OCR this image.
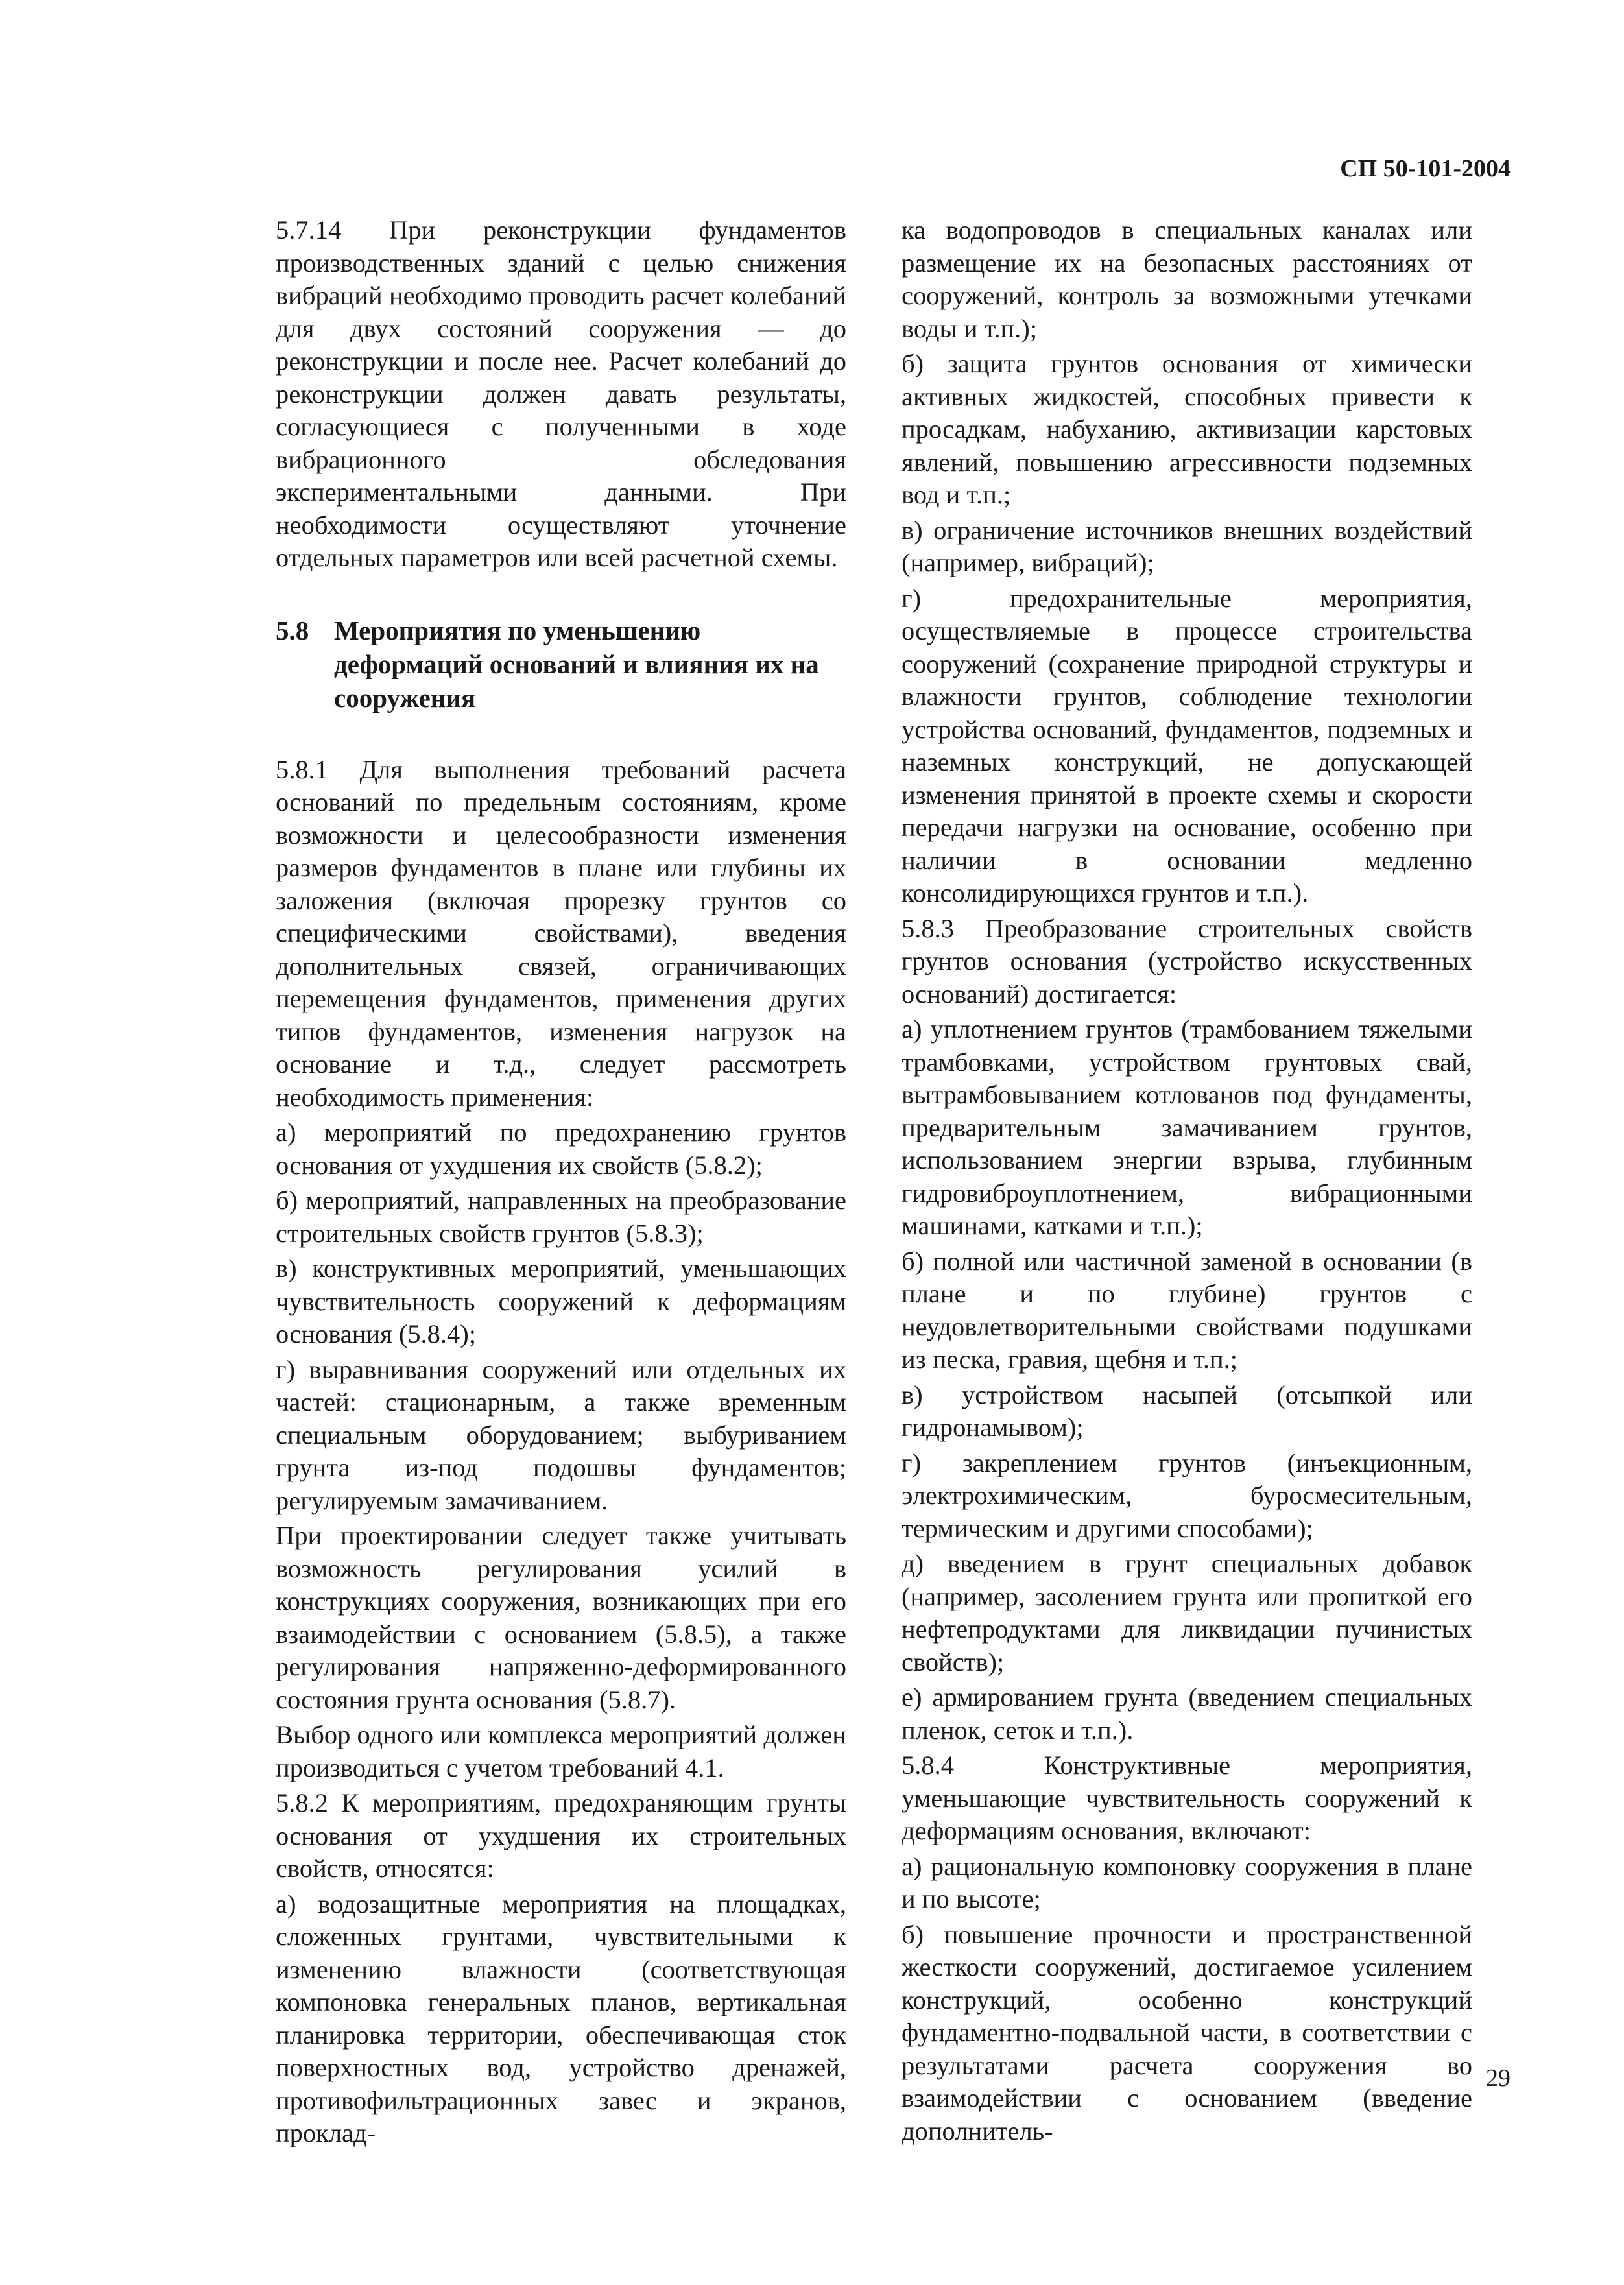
СП 50-101-2004

5.7.14 При реконструкции фундаментов производственных зданий с целью снижения вибраций необходимо проводить расчет колебаний для двух состояний сооружения — до реконструкции и после нее. Расчет колебаний до реконструкции должен давать результаты, согласующиеся с полученными в ходе вибрационного обследования экспериментальными данными. При необходимости осуществляют уточнение отдельных параметров или всей расчетной схемы.

5.8 Мероприятия по уменьшению деформаций оснований и влияния их на сооружения

5.8.1 Для выполнения требований расчета оснований по предельным состояниям, кроме возможности и целесообразности изменения размеров фундаментов в плане или глубины их заложения (включая прорезку грунтов со специфическими свойствами), введения дополнительных связей, ограничивающих перемещения фундаментов, применения других типов фундаментов, изменения нагрузок на основание и т.д., следует рассмотреть необходимость применения:

а) мероприятий по предохранению грунтов основания от ухудшения их свойств (5.8.2);

б) мероприятий, направленных на преобразование строительных свойств грунтов (5.8.3);

в) конструктивных мероприятий, уменьшающих чувствительность сооружений к деформациям основания (5.8.4);

г) выравнивания сооружений или отдельных их частей: стационарным, а также временным специальным оборудованием; выбуриванием грунта из-под подошвы фундаментов; регулируемым замачиванием.

При проектировании следует также учитывать возможность регулирования усилий в конструкциях сооружения, возникающих при его взаимодействии с основанием (5.8.5), а также регулирования напряженно-деформированного состояния грунта основания (5.8.7).

Выбор одного или комплекса мероприятий должен производиться с учетом требований 4.1.

5.8.2 К мероприятиям, предохраняющим грунты основания от ухудшения их строительных свойств, относятся:

а) водозащитные мероприятия на площадках, сложенных грунтами, чувствительными к изменению влажности (соответствующая компоновка генеральных планов, вертикальная планировка территории, обеспечивающая сток поверхностных вод, устройство дренажей, противофильтрационных завес и экранов, проклад-

ка водопроводов в специальных каналах или размещение их на безопасных расстояниях от сооружений, контроль за возможными утечками воды и т.п.);

б) защита грунтов основания от химически активных жидкостей, способных привести к просадкам, набуханию, активизации карстовых явлений, повышению агрессивности подземных вод и т.п.;

в) ограничение источников внешних воздействий (например, вибраций);

г) предохранительные мероприятия, осуществляемые в процессе строительства сооружений (сохранение природной структуры и влажности грунтов, соблюдение технологии устройства оснований, фундаментов, подземных и наземных конструкций, не допускающей изменения принятой в проекте схемы и скорости передачи нагрузки на основание, особенно при наличии в основании медленно консолидирующихся грунтов и т.п.).

5.8.3 Преобразование строительных свойств грунтов основания (устройство искусственных оснований) достигается:

а) уплотнением грунтов (трамбованием тяжелыми трамбовками, устройством грунтовых свай, вытрамбовыванием котлованов под фундаменты, предварительным замачиванием грунтов, использованием энергии взрыва, глубинным гидровиброуплотнением, вибрационными машинами, катками и т.п.);

б) полной или частичной заменой в основании (в плане и по глубине) грунтов с неудовлетворительными свойствами подушками из песка, гравия, щебня и т.п.;

в) устройством насыпей (отсыпкой или гидронамывом);

г) закреплением грунтов (инъекционным, электрохимическим, буросмесительным, термическим и другими способами);

д) введением в грунт специальных добавок (например, засолением грунта или пропиткой его нефтепродуктами для ликвидации пучинистых свойств);

е) армированием грунта (введением специальных пленок, сеток и т.п.).

5.8.4 Конструктивные мероприятия, уменьшающие чувствительность сооружений к деформациям основания, включают:

а) рациональную компоновку сооружения в плане и по высоте;

б) повышение прочности и пространственной жесткости сооружений, достигаемое усилением конструкций, особенно конструкций фундаментно-подвальной части, в соответствии с результатами расчета сооружения во взаимодействии с основанием (введение дополнитель-

29
